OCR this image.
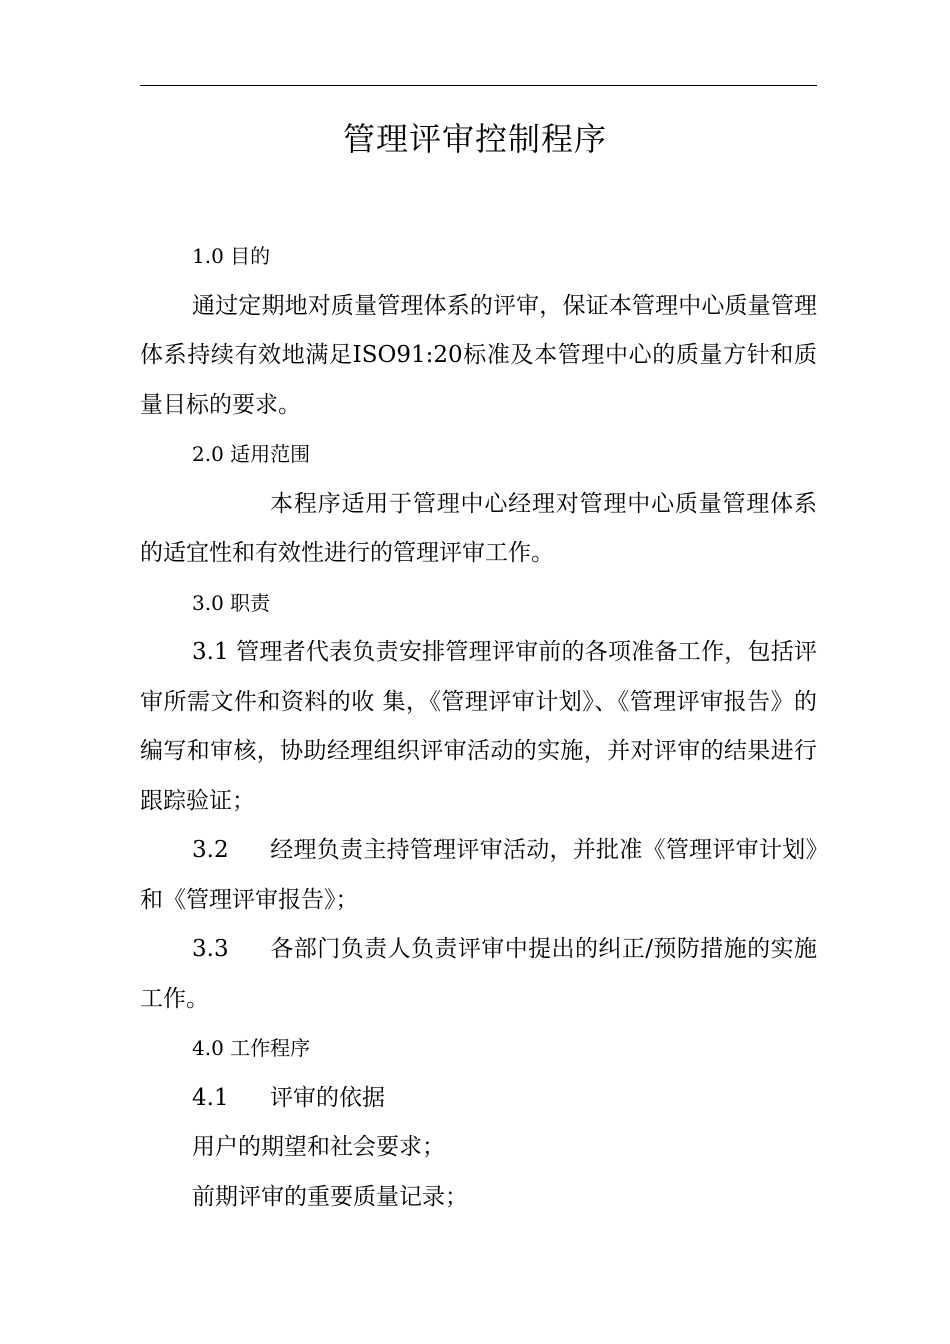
管理评审控制程序

1.0 目的

通过定期地对质量管理体系的评审，保证本管理中心质量管理体系持续有效地满足ISO91:20标准及本管理中心的质量方针和质量目标的要求。

2.0 适用范围

本程序适用于管理中心经理对管理中心质量管理体系的适宜性和有效性进行的管理评审工作。

3.0 职责

3.1 管理者代表负责安排管理评审前的各项准备工作，包括评审所需文件和资料的收 集，《管理评审计划》、《管理评审报告》的编写和审核，协助经理组织评审活动的实施，并对评审的结果进行跟踪验证；

3.2 经理负责主持管理评审活动，并批准《管理评审计划》和《管理评审报告》；

3.3 各部门负责人负责评审中提出的纠正/预防措施的实施工作。

4.0 工作程序

4.1 评审的依据

用户的期望和社会要求；

前期评审的重要质量记录；
